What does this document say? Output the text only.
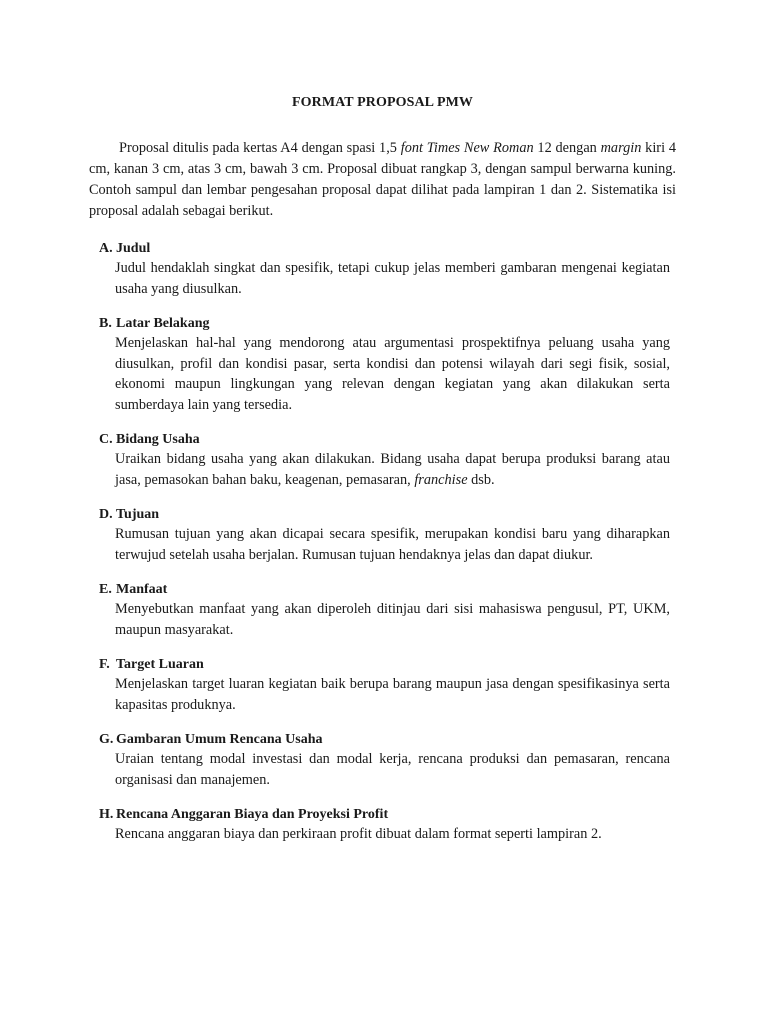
FORMAT PROPOSAL PMW

Proposal ditulis pada kertas A4 dengan spasi 1,5 font Times New Roman 12 dengan margin kiri 4 cm, kanan 3 cm, atas 3 cm, bawah 3 cm. Proposal dibuat rangkap 3, dengan sampul berwarna kuning. Contoh sampul dan lembar pengesahan proposal dapat dilihat pada lampiran 1 dan 2. Sistematika isi proposal adalah sebagai berikut.

A. Judul
Judul hendaklah singkat dan spesifik, tetapi cukup jelas memberi gambaran mengenai kegiatan usaha yang diusulkan.
B. Latar Belakang
Menjelaskan hal-hal yang mendorong atau argumentasi prospektifnya peluang usaha yang diusulkan, profil dan kondisi pasar, serta kondisi dan potensi wilayah dari segi fisik, sosial, ekonomi maupun lingkungan yang relevan dengan kegiatan yang akan dilakukan serta sumberdaya lain yang tersedia.
C. Bidang Usaha
Uraikan bidang usaha yang akan dilakukan. Bidang usaha dapat berupa produksi barang atau jasa, pemasokan bahan baku, keagenan, pemasaran, franchise dsb.
D. Tujuan
Rumusan tujuan yang akan dicapai secara spesifik, merupakan kondisi baru yang diharapkan terwujud setelah usaha berjalan. Rumusan tujuan hendaknya jelas dan dapat diukur.
E. Manfaat
Menyebutkan manfaat yang akan diperoleh ditinjau dari sisi mahasiswa pengusul, PT, UKM, maupun masyarakat.
F. Target Luaran
Menjelaskan target luaran kegiatan baik berupa barang maupun jasa dengan spesifikasinya serta kapasitas produknya.
G. Gambaran Umum Rencana Usaha
Uraian tentang modal investasi dan modal kerja, rencana produksi dan pemasaran, rencana organisasi dan manajemen.
H. Rencana Anggaran Biaya dan Proyeksi Profit
Rencana anggaran biaya dan perkiraan profit dibuat dalam format seperti lampiran 2.
